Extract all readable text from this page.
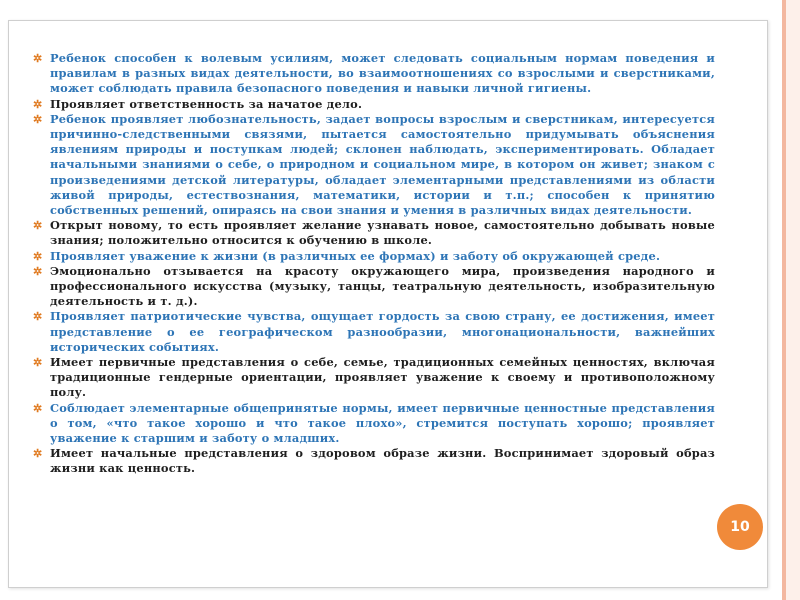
✲ Ребенок способен к волевым усилиям, может следовать социальным нормам поведения и правилам в разных видах деятельности, во взаимоотношениях со взрослыми и сверстниками, может соблюдать правила безопасного поведения и навыки личной гигиены.
✲ Проявляет ответственность за начатое дело.
✲ Ребенок проявляет любознательность, задает вопросы взрослым и сверстникам, интересуется причинно-следственными связями, пытается самостоятельно придумывать объяснения явлениям природы и поступкам людей; склонен наблюдать, экспериментировать. Обладает начальными знаниями о себе, о природном и социальном мире, в котором он живет; знаком с произведениями детской литературы, обладает элементарными представлениями из области живой природы, естествознания, математики, истории и т.п.; способен к принятию собственных решений, опираясь на свои знания и умения в различных видах деятельности.
✲ Открыт новому, то есть проявляет желание узнавать новое, самостоятельно добывать новые знания; положительно относится к обучению в школе.
✲ Проявляет уважение к жизни (в различных ее формах) и заботу об окружающей среде.
✲ Эмоционально отзывается на красоту окружающего мира, произведения народного и профессионального искусства (музыку, танцы, театральную деятельность, изобразительную деятельность и т. д.).
✲ Проявляет патриотические чувства, ощущает гордость за свою страну, ее достижения, имеет представление о ее географическом разнообразии, многонациональности, важнейших исторических событиях.
✲ Имеет первичные представления о себе, семье, традиционных семейных ценностях, включая традиционные гендерные ориентации, проявляет уважение к своему и противоположному полу.
✲ Соблюдает элементарные общепринятые нормы, имеет первичные ценностные представления о том, «что такое хорошо и что такое плохо», стремится поступать хорошо; проявляет уважение к старшим и заботу о младших.
✲ Имеет начальные представления о здоровом образе жизни. Воспринимает здоровый образ жизни как ценность.
10
